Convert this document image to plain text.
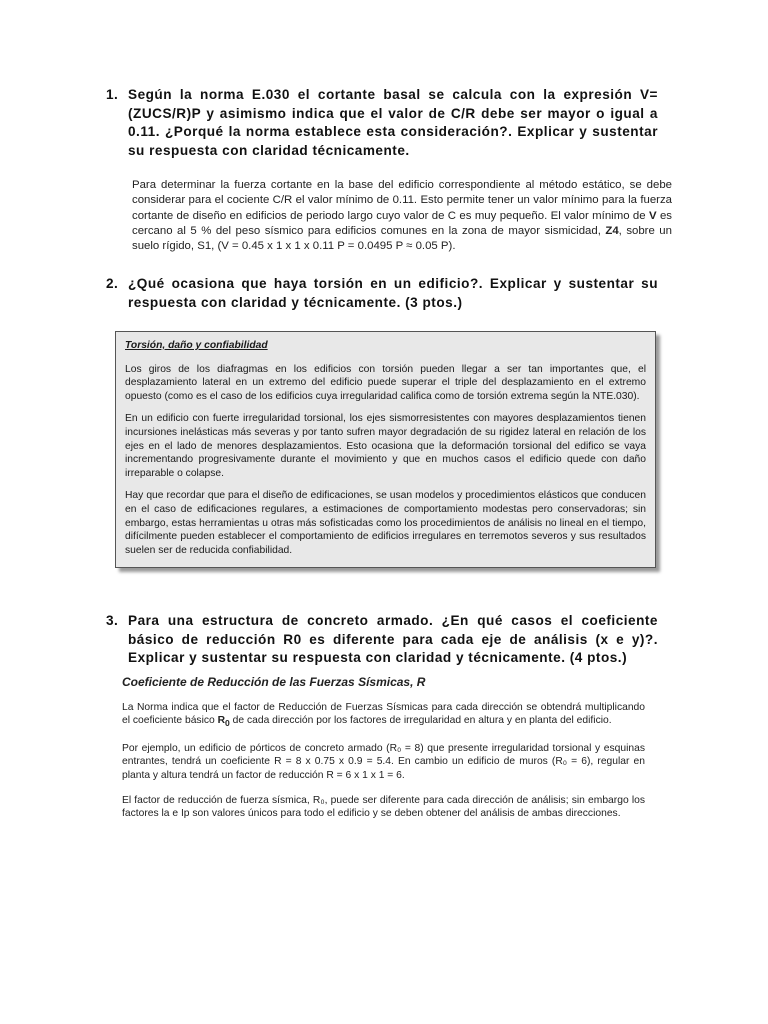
1. Según la norma E.030 el cortante basal se calcula con la expresión V=(ZUCS/R)P y asimismo indica que el valor de C/R debe ser mayor o igual a 0.11. ¿Porqué la norma establece esta consideración?. Explicar y sustentar su respuesta con claridad técnicamente.

Para determinar la fuerza cortante en la base del edificio correspondiente al método estático, se debe considerar para el cociente C/R el valor mínimo de 0.11. Esto permite tener un valor mínimo para la fuerza cortante de diseño en edificios de periodo largo cuyo valor de C es muy pequeño. El valor mínimo de V es cercano al 5 % del peso sísmico para edificios comunes en la zona de mayor sismicidad, Z4, sobre un suelo rígido, S1, (V = 0.45 x 1 x 1 x 0.11 P = 0.0495 P ≈ 0.05 P).

2. ¿Qué ocasiona que haya torsión en un edificio?. Explicar y sustentar su respuesta con claridad y técnicamente. (3 ptos.)
Torsión, daño y confiabilidad

Los giros de los diafragmas en los edificios con torsión pueden llegar a ser tan importantes que, el desplazamiento lateral en un extremo del edificio puede superar el triple del desplazamiento en el extremo opuesto (como es el caso de los edificios cuya irregularidad califica como de torsión extrema según la NTE.030).

En un edificio con fuerte irregularidad torsional, los ejes sismorresistentes con mayores desplazamientos tienen incursiones inelásticas más severas y por tanto sufren mayor degradación de su rigidez lateral en relación de los ejes en el lado de menores desplazamientos. Esto ocasiona que la deformación torsional del edifico se vaya incrementando progresivamente durante el movimiento y que en muchos casos el edificio quede con daño irreparable o colapse.

Hay que recordar que para el diseño de edificaciones, se usan modelos y procedimientos elásticos que conducen en el caso de edificaciones regulares, a estimaciones de comportamiento modestas pero conservadoras; sin embargo, estas herramientas u otras más sofisticadas como los procedimientos de análisis no lineal en el tiempo, difícilmente pueden establecer el comportamiento de edificios irregulares en terremotos severos y sus resultados suelen ser de reducida confiabilidad.

3. Para una estructura de concreto armado. ¿En qué casos el coeficiente básico de reducción R0 es diferente para cada eje de análisis (x e y)?. Explicar y sustentar su respuesta con claridad y técnicamente. (4 ptos.)
Coeficiente de Reducción de las Fuerzas Sísmicas, R

La Norma indica que el factor de Reducción de Fuerzas Sísmicas para cada dirección se obtendrá multiplicando el coeficiente básico $R_0$ de cada dirección por los factores de irregularidad en altura y en planta del edificio.

Por ejemplo, un edificio de pórticos de concreto armado (R₀ = 8) que presente irregularidad torsional y esquinas entrantes, tendrá un coeficiente R = 8 x 0.75 x 0.9 = 5.4. En cambio un edificio de muros (R₀ = 6), regular en planta y altura tendrá un factor de reducción R = 6 x 1 x 1 = 6.

El factor de reducción de fuerza sísmica, R₀, puede ser diferente para cada dirección de análisis; sin embargo los factores la e Ip son valores únicos para todo el edificio y se deben obtener del análisis de ambas direcciones.
